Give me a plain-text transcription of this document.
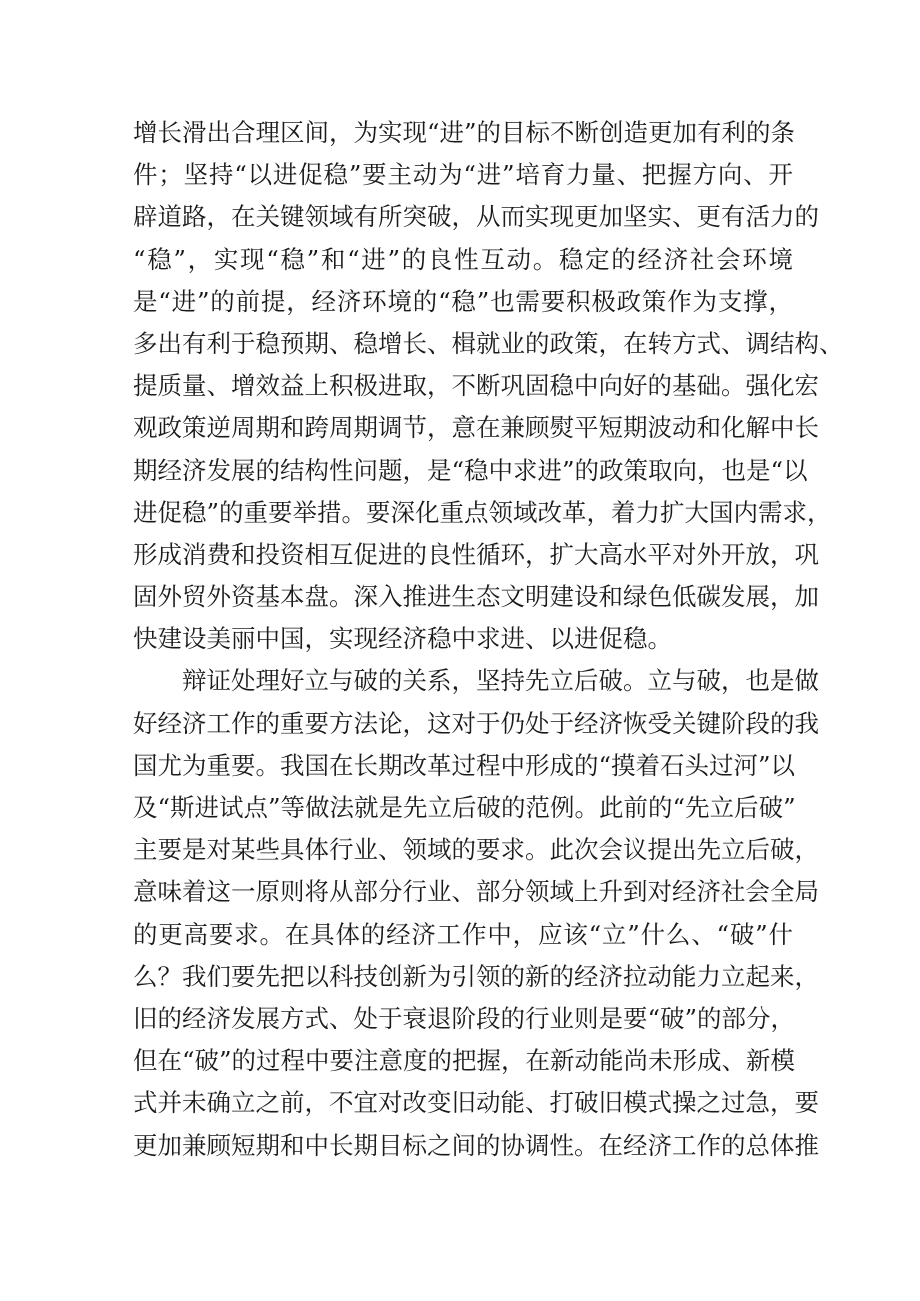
增长滑出合理区间，为实现“进”的目标不断创造更加有利的条
件；坚持“以进促稳”要主动为“进”培育力量、把握方向、开
辟道路，在关键领域有所突破，从而实现更加坚实、更有活力的
“稳”，实现“稳”和“进”的良性互动。稳定的经济社会环境
是“进”的前提，经济环境的“稳”也需要积极政策作为支撑，
多出有利于稳预期、稳增长、楫就业的政策，在转方式、调结构、
提质量、增效益上积极进取，不断巩固稳中向好的基础。强化宏
观政策逆周期和跨周期调节，意在兼顾熨平短期波动和化解中长
期经济发展的结构性问题，是“稳中求进”的政策取向，也是“以
进促稳”的重要举措。要深化重点领域改革，着力扩大国内需求，
形成消费和投资相互促进的良性循环，扩大高水平对外开放，巩
固外贸外资基本盘。深入推进生态文明建设和绿色低碳发展，加
快建设美丽中国，实现经济稳中求进、以进促稳。
辩证处理好立与破的关系，坚持先立后破。立与破，也是做
好经济工作的重要方法论，这对于仍处于经济恢受关键阶段的我
国尤为重要。我国在长期改革过程中形成的“摸着石头过河”以
及“斯进试点”等做法就是先立后破的范例。此前的“先立后破”
主要是对某些具体行业、领域的要求。此次会议提出先立后破，
意味着这一原则将从部分行业、部分领域上升到对经济社会全局
的更高要求。在具体的经济工作中，应该“立”什么、“破”什
么？我们要先把以科技创新为引领的新的经济拉动能力立起来，
旧的经济发展方式、处于衰退阶段的行业则是要“破”的部分，
但在“破”的过程中要注意度的把握，在新动能尚未形成、新模
式并未确立之前，不宜对改变旧动能、打破旧模式操之过急，要
更加兼顾短期和中长期目标之间的协调性。在经济工作的总体推
